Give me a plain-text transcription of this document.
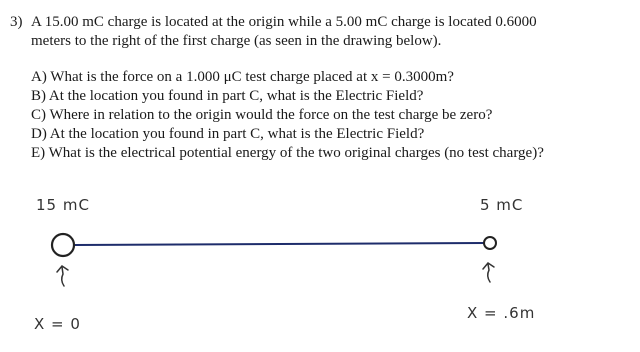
3) A 15.00 mC charge is located at the origin while a 5.00 mC charge is located 0.6000
meters to the right of the first charge (as seen in the drawing below).
A) What is the force on a 1.000 μC test charge placed at x = 0.3000m?
B) At the location you found in part C, what is the Electric Field?
C) Where in relation to the origin would the force on the test charge be zero?
D) At the location you found in part C, what is the Electric Field?
E) What is the electrical potential energy of the two original charges (no test charge)?
15 mC	5 mC
X = 0
X = .6m
